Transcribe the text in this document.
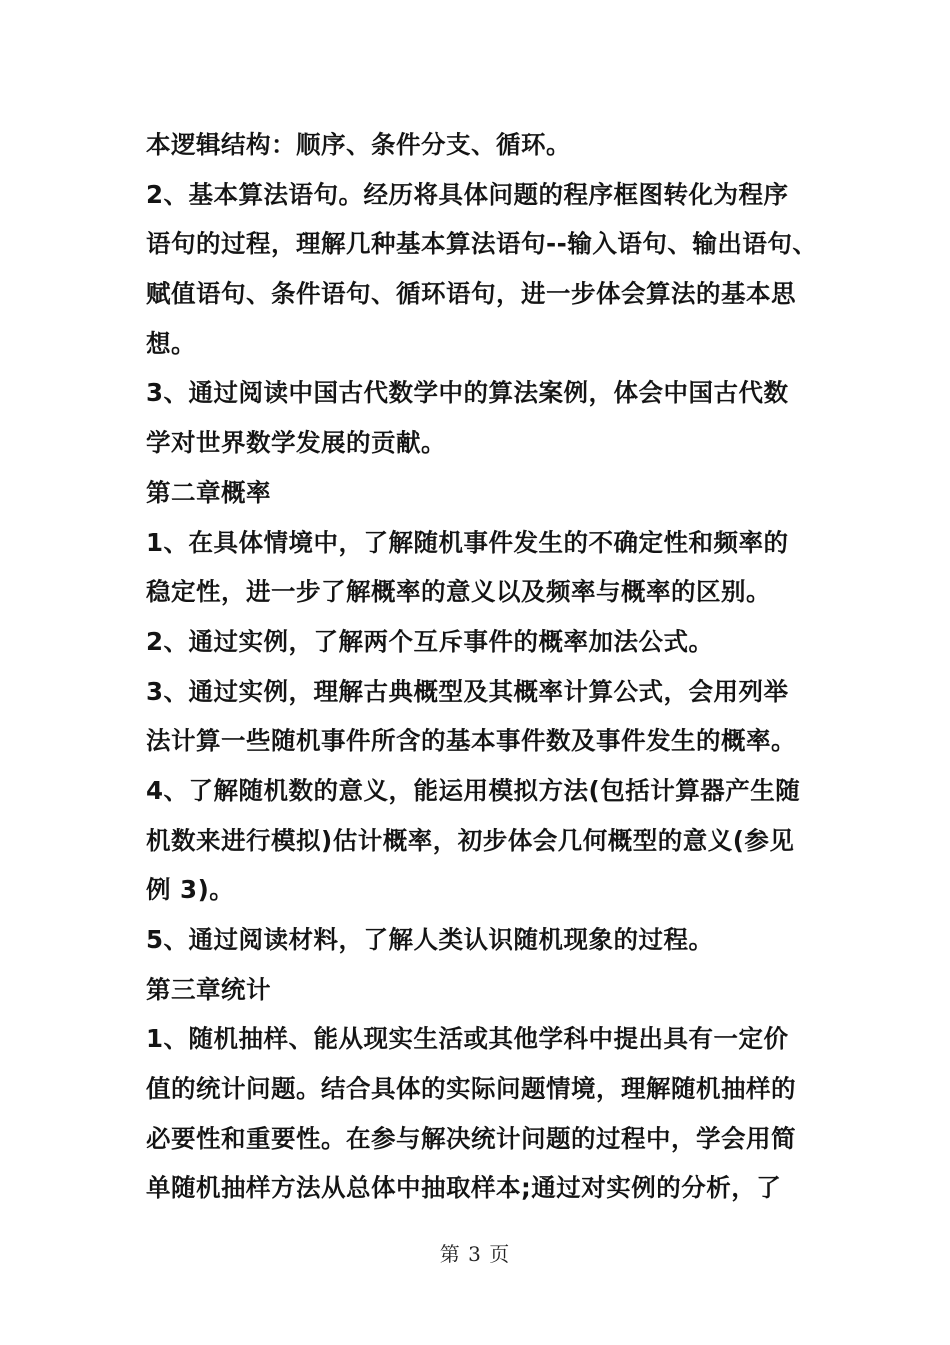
本逻辑结构：顺序、条件分支、循环。
2、基本算法语句。经历将具体问题的程序框图转化为程序
语句的过程，理解几种基本算法语句--输入语句、输出语句、
赋值语句、条件语句、循环语句，进一步体会算法的基本思
想。
3、通过阅读中国古代数学中的算法案例，体会中国古代数
学对世界数学发展的贡献。
第二章概率
1、在具体情境中，了解随机事件发生的不确定性和频率的
稳定性，进一步了解概率的意义以及频率与概率的区别。
2、通过实例，了解两个互斥事件的概率加法公式。
3、通过实例，理解古典概型及其概率计算公式，会用列举
法计算一些随机事件所含的基本事件数及事件发生的概率。
4、了解随机数的意义，能运用模拟方法(包括计算器产生随
机数来进行模拟)估计概率，初步体会几何概型的意义(参见
例 3)。
5、通过阅读材料，了解人类认识随机现象的过程。
第三章统计
1、随机抽样、能从现实生活或其他学科中提出具有一定价
值的统计问题。结合具体的实际问题情境，理解随机抽样的
必要性和重要性。在参与解决统计问题的过程中，学会用简
单随机抽样方法从总体中抽取样本;通过对实例的分析，了
第 3 页
